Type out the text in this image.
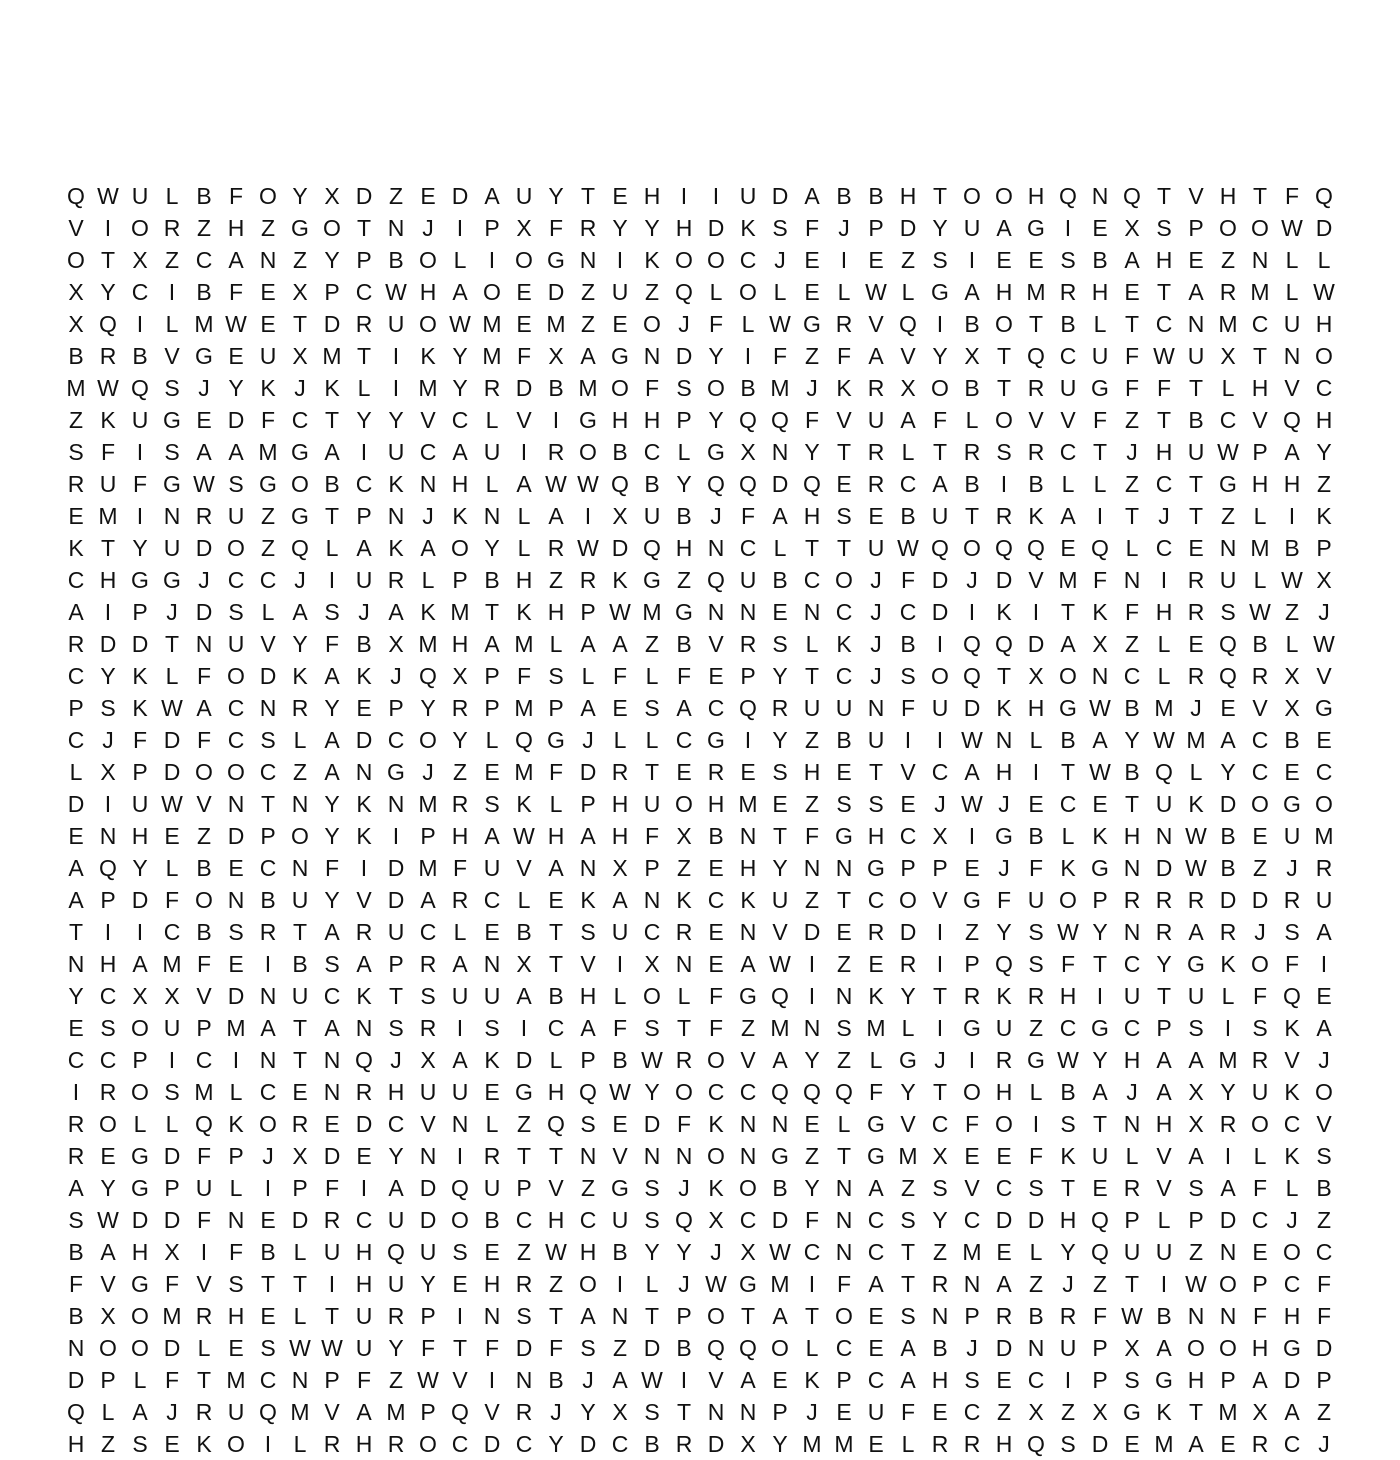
Q W U L B F O Y X D Z E D A U Y T E H I	I U D A B B H T O O H Q N Q T V H T F Q
V I O R Z H Z G O T N J	I P X F R Y Y H D K S F J P D Y U A G I E X S P O O W D
O T X Z C A N Z Y P B O L I O G N I K O O C J E I E Z S I E E S B A H E Z N L L
X Y C I B F E X P C W H A O E D Z U Z Q L O L E L W L G A H M R H E T A R M L W
X Q I L M W E T D R U O W M E M Z E O J F L W G R V Q I B O T B L T C N M C U H
B R B V G E U X M T I K Y M F X A G N D Y I F Z F A V Y X T Q C U F W U X T N O
M W Q S J Y K J K L I M Y R D B M O F S O B M J K R X O B T R U G F F T L H V C
Z K U G E D F C T Y Y V C L V I G H H P Y Q Q F V U A F L O V V F Z T B C V Q H
S F I S A A M G A I U C A U I R O B C L G X N Y T R L T R S R C T J H U W P A Y
R U F G W S G O B C K N H L A W W Q B Y Q Q D Q E R C A B I B L L Z C T G H H Z
E M I N R U Z G T P N J K N L A I X U B J F A H S E B U T R K A I T J T Z L I K
K T Y U D O Z Q L A K A O Y L R W D Q H N C L T T U W Q O Q Q E Q L C E N M B P
C H G G J C C J	I U R L P B H Z R K G Z Q U B C O J F D J D V M F N I R U L W X
A I P J D S L A S J A K M T K H P W M G N N E N C J C D I K I T K F H R S W Z J
R D D T N U V Y F B X M H A M L A A Z B V R S L K J B I Q Q D A X Z L E Q B L W
C Y K L F O D K A K J Q X P F S L F L F E P Y T C J S O Q T X O N C L R Q R X V
P S K W A C N R Y E P Y R P M P A E S A C Q R U U N F U D K H G W B M J E V X G
C J F D F C S L A D C O Y L Q G J L L C G I Y Z B U I	I W N L B A Y W M A C B E
L X P D O O C Z A N G J Z E M F D R T E R E S H E T V C A H I T W B Q L Y C E C
D I U W V N T N Y K N M R S K L P H U O H M E Z S S E J W J E C E T U K D O G O
E N H E Z D P O Y K I P H A W H A H F X B N T F G H C X I G B L K H N W B E U M
A Q Y L B E C N F I D M F U V A N X P Z E H Y N N G P P E J F K G N D W B Z J R
A P D F O N B U Y V D A R C L E K A N K C K U Z T C O V G F U O P R R R D D R U
T I	I C B S R T A R U C L E B T S U C R E N V D E R D I Z Y S W Y N R A R J S A
N H A M F E I B S A P R A N X T V I X N E A W I Z E R I P Q S F T C Y G K O F I
Y C X X V D N U C K T S U U A B H L O L F G Q I N K Y T R K R H I U T U L F Q E
E S O U P M A T A N S R I S I C A F S T F Z M N S M L I G U Z C G C P S I S K A
C C P I C I N T N Q J X A K D L P B W R O V A Y Z L G J	I R G W Y H A A M R V J
I R O S M L C E N R H U U E G H Q W Y O C C Q Q Q F Y T O H L B A J A X Y U K O
R O L L Q K O R E D C V N L Z Q S E D F K N N E L G V C F O I S T N H X R O C V
R E G D F P J X D E Y N I R T T N V N N O N G Z T G M X E E F K U L V A I L K S
A Y G P U L I P F I A D Q U P V Z G S J K O B Y N A Z S V C S T E R V S A F L B
S W D D F N E D R C U D O B C H C U S Q X C D F N C S Y C D D H Q P L P D C J Z
B A H X I F B L U H Q U S E Z W H B Y Y J X W C N C T Z M E L Y Q U U Z N E O C
F V G F V S T T I H U Y E H R Z O I L J W G M I F A T R N A Z J Z T I W O P C F
B X O M R H E L T U R P I N S T A N T P O T A T O E S N P R B R F W B N N F H F
N O O D L E S W W U Y F T F D F S Z D B Q Q O L C E A B J D N U P X A O O H G D
D P L F T M C N P F Z W V I N B J A W I V A E K P C A H S E C I P S G H P A D P
Q L A J R U Q M V A M P Q V R J Y X S T N N P J E U F E C Z X Z X G K T M X A Z
H Z S E K O I L R H R O C D C Y D C B R D X Y M M E L R R H Q S D E M A E R C J
